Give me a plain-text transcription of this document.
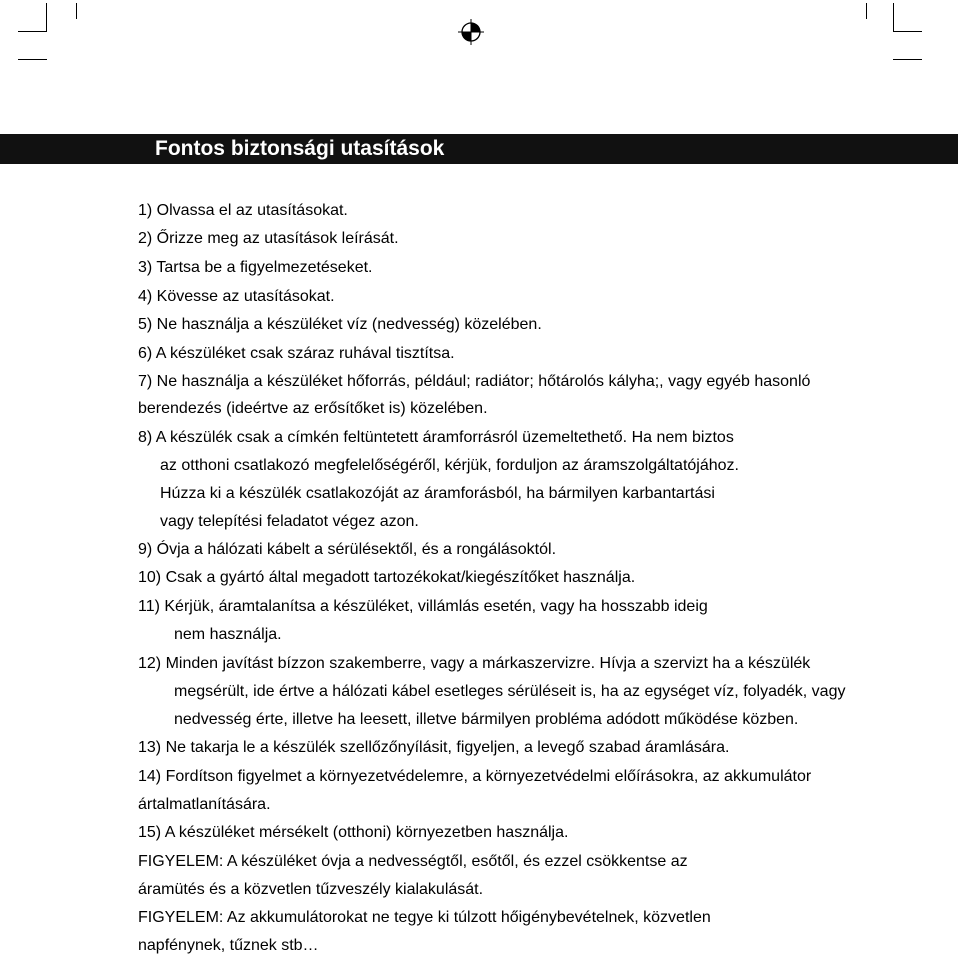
Fontos biztonsági utasítások
1) Olvassa el az utasításokat.
2) Őrizze meg az utasítások leírását.
3) Tartsa be a figyelmezetéseket.
4) Kövesse az utasításokat.
5) Ne használja a készüléket víz (nedvesség) közelében.
6) A készüléket csak száraz ruhával tisztítsa.
7) Ne használja a készüléket hőforrás, például; radiátor; hőtárolós kályha;, vagy egyéb hasonló
berendezés (ideértve az erősítőket is) közelében.
8) A készülék csak a címkén feltüntetett áramforrásról üzemeltethető. Ha nem biztos
az otthoni csatlakozó megfelelőségéről, kérjük, forduljon az áramszolgáltatójához.
Húzza ki a készülék csatlakozóját az áramforásból, ha bármilyen karbantartási
vagy telepítési feladatot végez azon.
9) Óvja a hálózati kábelt a sérülésektől, és a rongálásoktól.
10) Csak a gyártó által megadott tartozékokat/kiegészítőket használja.
11) Kérjük, áramtalanítsa a készüléket, villámlás esetén, vagy ha hosszabb ideig
nem használja.
12) Minden javítást bízzon szakemberre, vagy a márkaszervizre. Hívja a szervizt ha a készülék
megsérült, ide értve a hálózati kábel esetleges sérüléseit is, ha az egységet víz, folyadék, vagy
nedvesség érte, illetve ha leesett, illetve bármilyen probléma adódott működése közben.
13) Ne takarja le a készülék szellőzőnyílásit, figyeljen, a levegő szabad áramlására.
14) Fordítson figyelmet a környezetvédelemre, a környezetvédelmi előírásokra, az akkumulátor
ártalmatlanítására.
15) A készüléket mérsékelt (otthoni) környezetben használja.
FIGYELEM: A készüléket óvja a nedvességtől, esőtől, és ezzel csökkentse az
áramütés és a közvetlen tűzveszély kialakulását.
FIGYELEM: Az akkumulátorokat ne tegye ki túlzott hőigénybevételnek, közvetlen
napfénynek, tűznek stb…
